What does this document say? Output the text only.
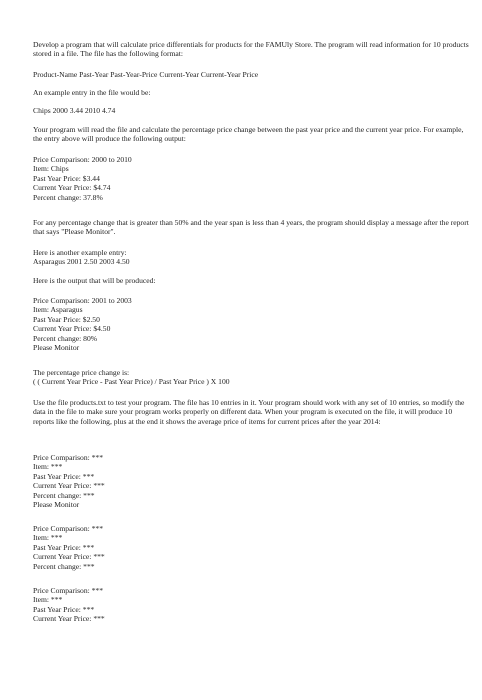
Develop a program that will calculate price differentials for products for the FAMUly Store. The program will read information for 10 products stored in a file. The file has the following format:

Product-Name Past-Year Past-Year-Price Current-Year Current-Year Price

An example entry in the file would be:

Chips 2000 3.44 2010 4.74

Your program will read the file and calculate the percentage price change between the past year price and the current year price. For example, the entry above will produce the following output:

Price Comparison: 2000 to 2010
Item: Chips
Past Year Price: $3.44
Current Year Price: $4.74
Percent change: 37.8%

For any percentage change that is greater than 50% and the year span is less than 4 years, the program should display a message after the report that says "Please Monitor".

Here is another example entry:
Asparagus 2001 2.50 2003 4.50

Here is the output that will be produced:

Price Comparison: 2001 to 2003
Item: Asparagus
Past Year Price: $2.50
Current Year Price: $4.50
Percent change: 80%
Please Monitor
The percentage price change is:
( ( Current Year Price - Past Year Price) / Past Year Price ) X 100

Use the file products.txt to test your program. The file has 10 entries in it. Your program should work with any set of 10 entries, so modify the data in the file to make sure your program works properly on different data. When your program is executed on the file, it will produce 10 reports like the following, plus at the end it shows the average price of items for current prices after the year 2014:

Price Comparison: ***
Item: ***
Past Year Price: ***
Current Year Price: ***
Percent change: ***
Please Monitor
Price Comparison: ***
Item: ***
Past Year Price: ***
Current Year Price: ***
Percent change: ***
Price Comparison: ***
Item: ***
Past Year Price: ***
Current Year Price: ***
